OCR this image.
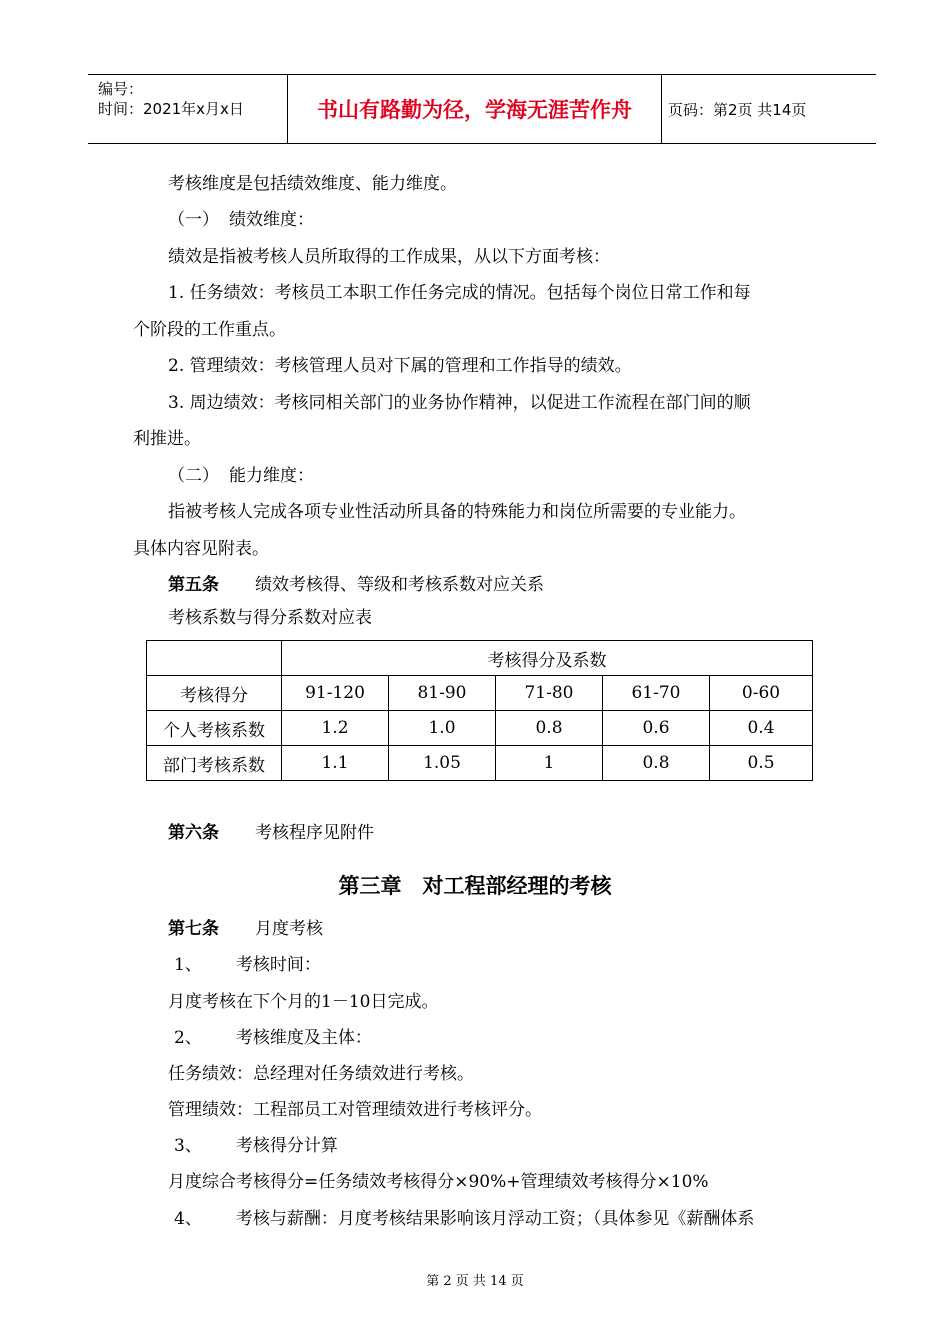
编号：
时间：2021年x月x日	书山有路勤为径，学海无涯苦作舟	页码：第2页 共14页
考核维度是包括绩效维度、能力维度。
（一） 绩效维度：
绩效是指被考核人员所取得的工作成果，从以下方面考核：
1. 任务绩效：考核员工本职工作任务完成的情况。包括每个岗位日常工作和每
个阶段的工作重点。
2. 管理绩效：考核管理人员对下属的管理和工作指导的绩效。
3. 周边绩效：考核同相关部门的业务协作精神，以促进工作流程在部门间的顺
利推进。
（二） 能力维度：
指被考核人完成各项专业性活动所具备的特殊能力和岗位所需要的专业能力。
具体内容见附表。
第五条 绩效考核得、等级和考核系数对应关系
考核系数与得分系数对应表
	考核得分及系数				
考核得分	91-120	81-90	71-80	61-70	0-60
个人考核系数	1.2	1.0	0.8	0.6	0.4
部门考核系数	1.1	1.05	1	0.8	0.5
第六条 考核程序见附件
第三章　对工程部经理的考核
第七条 月度考核
1、 考核时间：
月度考核在下个月的1－10日完成。
2、 考核维度及主体：
任务绩效：总经理对任务绩效进行考核。
管理绩效：工程部员工对管理绩效进行考核评分。
3、 考核得分计算
月度综合考核得分=任务绩效考核得分×90%+管理绩效考核得分×10%
4、 考核与薪酬：月度考核结果影响该月浮动工资；（具体参见《薪酬体系
第 2 页 共 14 页
